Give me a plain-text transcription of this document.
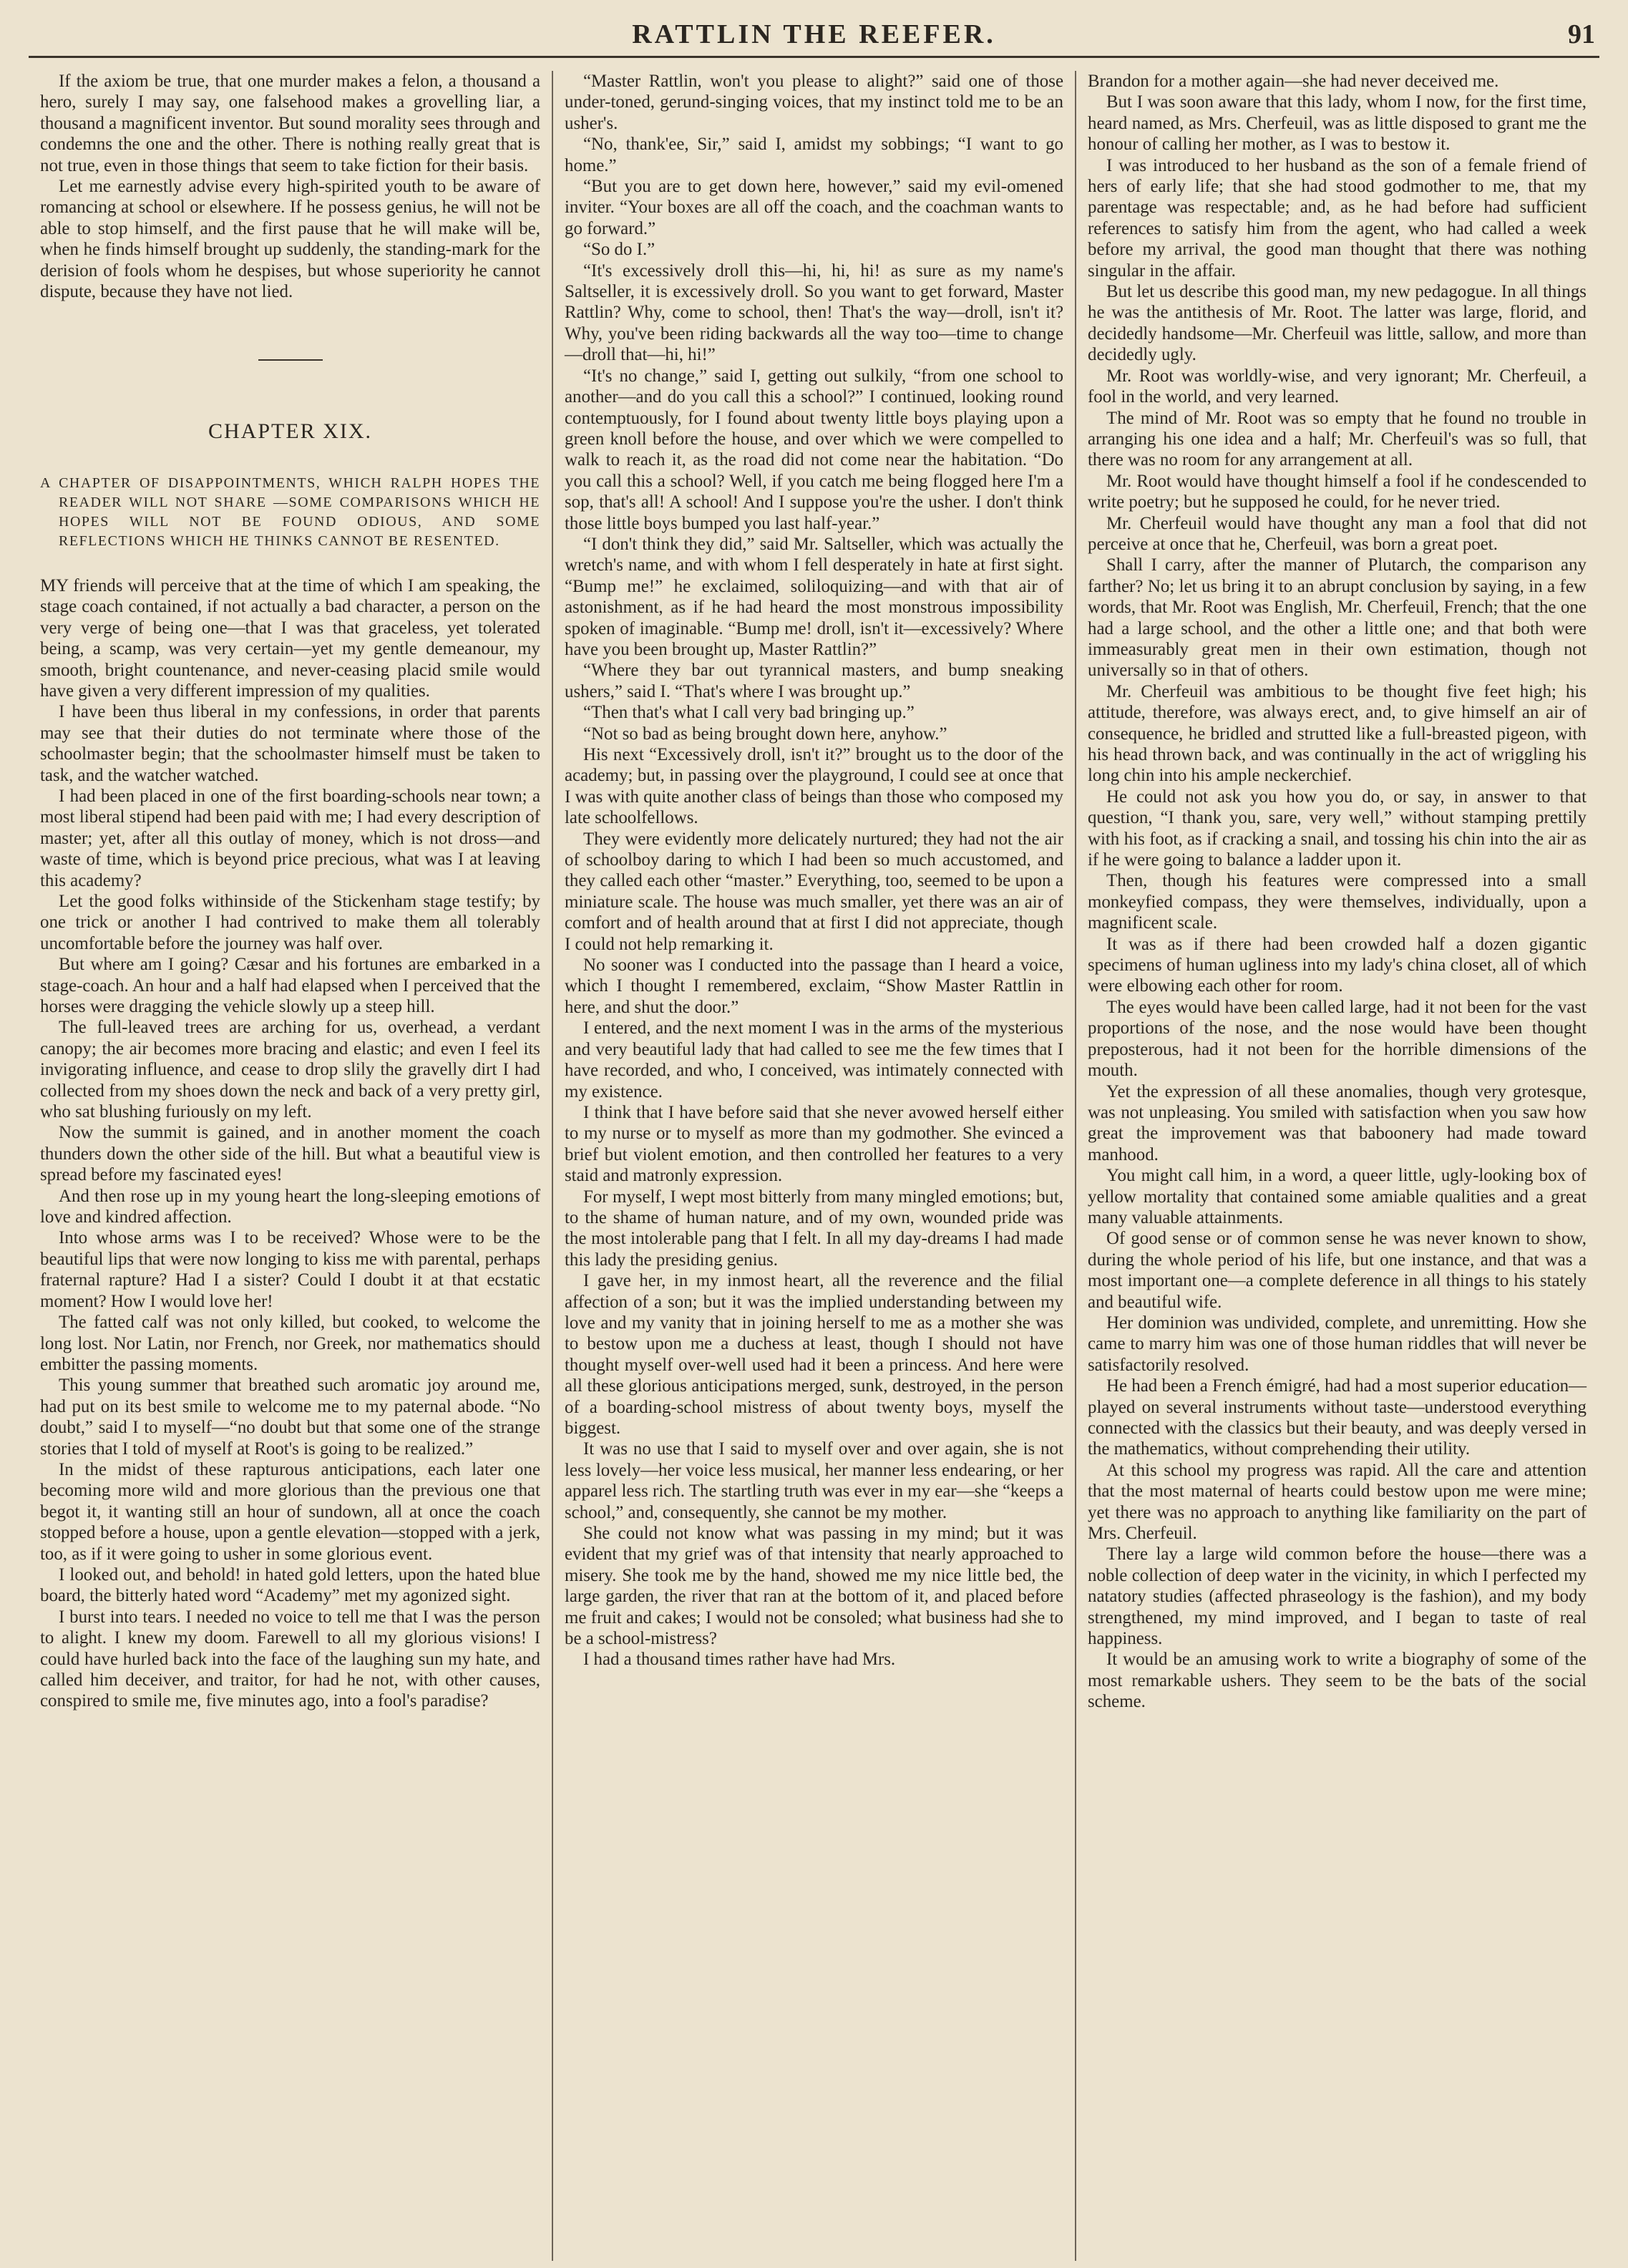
RATTLIN THE REEFER.	91

If the axiom be true, that one murder makes a felon, a thousand a hero, surely I may say, one falsehood makes a grovelling liar, a thousand a magnificent inventor. But sound morality sees through and condemns the one and the other. There is nothing really great that is not true, even in those things that seem to take fiction for their basis.

Let me earnestly advise every high-spirited youth to be aware of romancing at school or elsewhere. If he possess genius, he will not be able to stop himself, and the first pause that he will make will be, when he finds himself brought up suddenly, the standing-mark for the derision of fools whom he despises, but whose superiority he cannot dispute, because they have not lied.

CHAPTER XIX.
A CHAPTER OF DISAPPOINTMENTS, WHICH RALPH HOPES THE READER WILL NOT SHARE —SOME COMPARISONS WHICH HE HOPES WILL NOT BE FOUND ODIOUS, AND SOME REFLECTIONS WHICH HE THINKS CANNOT BE RESENTED.

MY friends will perceive that at the time of which I am speaking, the stage coach contained, if not actually a bad character, a person on the very verge of being one—that I was that graceless, yet tolerated being, a scamp, was very certain—yet my gentle demeanour, my smooth, bright countenance, and never-ceasing placid smile would have given a very different impression of my qualities.

I have been thus liberal in my confessions, in order that parents may see that their duties do not terminate where those of the schoolmaster begin; that the schoolmaster himself must be taken to task, and the watcher watched.

I had been placed in one of the first boarding-schools near town; a most liberal stipend had been paid with me; I had every description of master; yet, after all this outlay of money, which is not dross—and waste of time, which is beyond price precious, what was I at leaving this academy?

Let the good folks withinside of the Stickenham stage testify; by one trick or another I had contrived to make them all tolerably uncomfortable before the journey was half over.

But where am I going? Cæsar and his fortunes are embarked in a stage-coach. An hour and a half had elapsed when I perceived that the horses were dragging the vehicle slowly up a steep hill.

The full-leaved trees are arching for us, overhead, a verdant canopy; the air becomes more bracing and elastic; and even I feel its invigorating influence, and cease to drop slily the gravelly dirt I had collected from my shoes down the neck and back of a very pretty girl, who sat blushing furiously on my left.

Now the summit is gained, and in another moment the coach thunders down the other side of the hill. But what a beautiful view is spread before my fascinated eyes!

And then rose up in my young heart the long-sleeping emotions of love and kindred affection.

Into whose arms was I to be received? Whose were to be the beautiful lips that were now longing to kiss me with parental, perhaps fraternal rapture? Had I a sister? Could I doubt it at that ecstatic moment? How I would love her!

The fatted calf was not only killed, but cooked, to welcome the long lost. Nor Latin, nor French, nor Greek, nor mathematics should embitter the passing moments.

This young summer that breathed such aromatic joy around me, had put on its best smile to welcome me to my paternal abode. “No doubt,” said I to myself—“no doubt but that some one of the strange stories that I told of myself at Root's is going to be realized.”

In the midst of these rapturous anticipations, each later one becoming more wild and more glorious than the previous one that begot it, it wanting still an hour of sundown, all at once the coach stopped before a house, upon a gentle elevation—stopped with a jerk, too, as if it were going to usher in some glorious event.

I looked out, and behold! in hated gold letters, upon the hated blue board, the bitterly hated word “Academy” met my agonized sight.

I burst into tears. I needed no voice to tell me that I was the person to alight. I knew my doom. Farewell to all my glorious visions! I could have hurled back into the face of the laughing sun my hate, and called him deceiver, and traitor, for had he not, with other causes, conspired to smile me, five minutes ago, into a fool's paradise?

“Master Rattlin, won't you please to alight?” said one of those under-toned, gerund-singing voices, that my instinct told me to be an usher's.

“No, thank'ee, Sir,” said I, amidst my sobbings; “I want to go home.”

“But you are to get down here, however,” said my evil-omened inviter. “Your boxes are all off the coach, and the coachman wants to go forward.”

“So do I.”

“It's excessively droll this—hi, hi, hi! as sure as my name's Saltseller, it is excessively droll. So you want to get forward, Master Rattlin? Why, come to school, then! That's the way—droll, isn't it? Why, you've been riding backwards all the way too—time to change—droll that—hi, hi!”

“It's no change,” said I, getting out sulkily, “from one school to another—and do you call this a school?” I continued, looking round contemptuously, for I found about twenty little boys playing upon a green knoll before the house, and over which we were compelled to walk to reach it, as the road did not come near the habitation. “Do you call this a school? Well, if you catch me being flogged here I'm a sop, that's all! A school! And I suppose you're the usher. I don't think those little boys bumped you last half-year.”

“I don't think they did,” said Mr. Saltseller, which was actually the wretch's name, and with whom I fell desperately in hate at first sight. “Bump me!” he exclaimed, soliloquizing—and with that air of astonishment, as if he had heard the most monstrous impossibility spoken of imaginable. “Bump me! droll, isn't it—excessively? Where have you been brought up, Master Rattlin?”

“Where they bar out tyrannical masters, and bump sneaking ushers,” said I. “That's where I was brought up.”

“Then that's what I call very bad bringing up.”

“Not so bad as being brought down here, anyhow.”

His next “Excessively droll, isn't it?” brought us to the door of the academy; but, in passing over the playground, I could see at once that I was with quite another class of beings than those who composed my late schoolfellows.

They were evidently more delicately nurtured; they had not the air of schoolboy daring to which I had been so much accustomed, and they called each other “master.” Everything, too, seemed to be upon a miniature scale. The house was much smaller, yet there was an air of comfort and of health around that at first I did not appreciate, though I could not help remarking it.

No sooner was I conducted into the passage than I heard a voice, which I thought I remembered, exclaim, “Show Master Rattlin in here, and shut the door.”

I entered, and the next moment I was in the arms of the mysterious and very beautiful lady that had called to see me the few times that I have recorded, and who, I conceived, was intimately connected with my existence.

I think that I have before said that she never avowed herself either to my nurse or to myself as more than my godmother. She evinced a brief but violent emotion, and then controlled her features to a very staid and matronly expression.

For myself, I wept most bitterly from many mingled emotions; but, to the shame of human nature, and of my own, wounded pride was the most intolerable pang that I felt. In all my day-dreams I had made this lady the presiding genius.

I gave her, in my inmost heart, all the reverence and the filial affection of a son; but it was the implied understanding between my love and my vanity that in joining herself to me as a mother she was to bestow upon me a duchess at least, though I should not have thought myself over-well used had it been a princess. And here were all these glorious anticipations merged, sunk, destroyed, in the person of a boarding-school mistress of about twenty boys, myself the biggest.

It was no use that I said to myself over and over again, she is not less lovely—her voice less musical, her manner less endearing, or her apparel less rich. The startling truth was ever in my ear—she “keeps a school,” and, consequently, she cannot be my mother.

She could not know what was passing in my mind; but it was evident that my grief was of that intensity that nearly approached to misery. She took me by the hand, showed me my nice little bed, the large garden, the river that ran at the bottom of it, and placed before me fruit and cakes; I would not be consoled; what business had she to be a school-mistress?

I had a thousand times rather have had Mrs.

Brandon for a mother again—she had never deceived me.

But I was soon aware that this lady, whom I now, for the first time, heard named, as Mrs. Cherfeuil, was as little disposed to grant me the honour of calling her mother, as I was to bestow it.

I was introduced to her husband as the son of a female friend of hers of early life; that she had stood godmother to me, that my parentage was respectable; and, as he had before had sufficient references to satisfy him from the agent, who had called a week before my arrival, the good man thought that there was nothing singular in the affair.

But let us describe this good man, my new pedagogue. In all things he was the antithesis of Mr. Root. The latter was large, florid, and decidedly handsome—Mr. Cherfeuil was little, sallow, and more than decidedly ugly.

Mr. Root was worldly-wise, and very ignorant; Mr. Cherfeuil, a fool in the world, and very learned.

The mind of Mr. Root was so empty that he found no trouble in arranging his one idea and a half; Mr. Cherfeuil's was so full, that there was no room for any arrangement at all.

Mr. Root would have thought himself a fool if he condescended to write poetry; but he supposed he could, for he never tried.

Mr. Cherfeuil would have thought any man a fool that did not perceive at once that he, Cherfeuil, was born a great poet.

Shall I carry, after the manner of Plutarch, the comparison any farther? No; let us bring it to an abrupt conclusion by saying, in a few words, that Mr. Root was English, Mr. Cherfeuil, French; that the one had a large school, and the other a little one; and that both were immeasurably great men in their own estimation, though not universally so in that of others.

Mr. Cherfeuil was ambitious to be thought five feet high; his attitude, therefore, was always erect, and, to give himself an air of consequence, he bridled and strutted like a full-breasted pigeon, with his head thrown back, and was continually in the act of wriggling his long chin into his ample neckerchief.

He could not ask you how you do, or say, in answer to that question, “I thank you, sare, very well,” without stamping prettily with his foot, as if cracking a snail, and tossing his chin into the air as if he were going to balance a ladder upon it.

Then, though his features were compressed into a small monkeyfied compass, they were themselves, individually, upon a magnificent scale.

It was as if there had been crowded half a dozen gigantic specimens of human ugliness into my lady's china closet, all of which were elbowing each other for room.

The eyes would have been called large, had it not been for the vast proportions of the nose, and the nose would have been thought preposterous, had it not been for the horrible dimensions of the mouth.

Yet the expression of all these anomalies, though very grotesque, was not unpleasing. You smiled with satisfaction when you saw how great the improvement was that baboonery had made toward manhood.

You might call him, in a word, a queer little, ugly-looking box of yellow mortality that contained some amiable qualities and a great many valuable attainments.

Of good sense or of common sense he was never known to show, during the whole period of his life, but one instance, and that was a most important one—a complete deference in all things to his stately and beautiful wife.

Her dominion was undivided, complete, and unremitting. How she came to marry him was one of those human riddles that will never be satisfactorily resolved.

He had been a French émigré, had had a most superior education—played on several instruments without taste—understood everything connected with the classics but their beauty, and was deeply versed in the mathematics, without comprehending their utility.

At this school my progress was rapid. All the care and attention that the most maternal of hearts could bestow upon me were mine; yet there was no approach to anything like familiarity on the part of Mrs. Cherfeuil.

There lay a large wild common before the house—there was a noble collection of deep water in the vicinity, in which I perfected my natatory studies (affected phraseology is the fashion), and my body strengthened, my mind improved, and I began to taste of real happiness.

It would be an amusing work to write a biography of some of the most remarkable ushers. They seem to be the bats of the social scheme.
